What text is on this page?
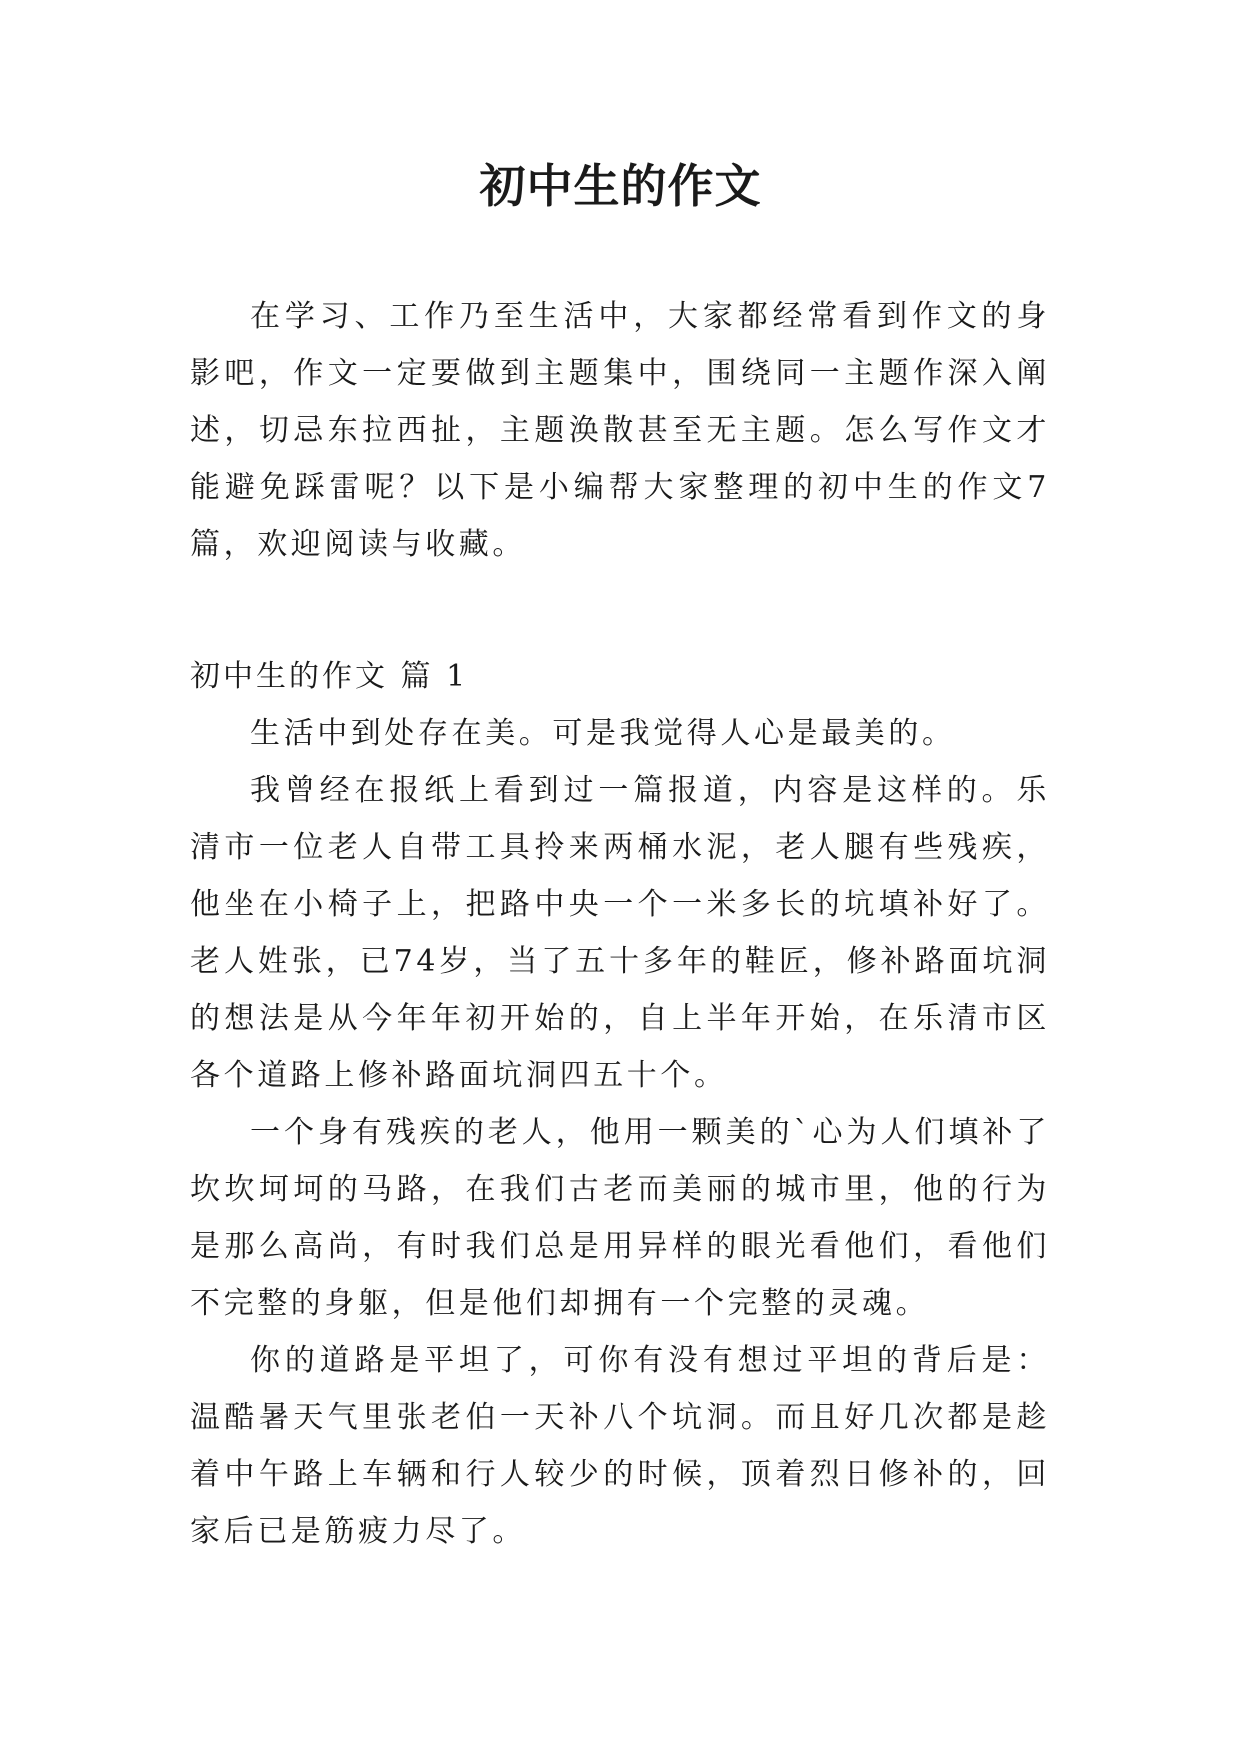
初中生的作文

在学习、工作乃至生活中，大家都经常看到作文的身影吧，作文一定要做到主题集中，围绕同一主题作深入阐述，切忌东拉西扯，主题涣散甚至无主题。怎么写作文才能避免踩雷呢？以下是小编帮大家整理的初中生的作文7篇，欢迎阅读与收藏。

初中生的作文 篇 1

生活中到处存在美。可是我觉得人心是最美的。

我曾经在报纸上看到过一篇报道，内容是这样的。乐清市一位老人自带工具拎来两桶水泥，老人腿有些残疾，他坐在小椅子上，把路中央一个一米多长的坑填补好了。老人姓张，已74岁，当了五十多年的鞋匠，修补路面坑洞的想法是从今年年初开始的，自上半年开始，在乐清市区各个道路上修补路面坑洞四五十个。

一个身有残疾的老人，他用一颗美的`心为人们填补了坎坎坷坷的马路，在我们古老而美丽的城市里，他的行为是那么高尚，有时我们总是用异样的眼光看他们，看他们不完整的身躯，但是他们却拥有一个完整的灵魂。

你的道路是平坦了，可你有没有想过平坦的背后是：温酷暑天气里张老伯一天补八个坑洞。而且好几次都是趁着中午路上车辆和行人较少的时候，顶着烈日修补的，回家后已是筋疲力尽了。
